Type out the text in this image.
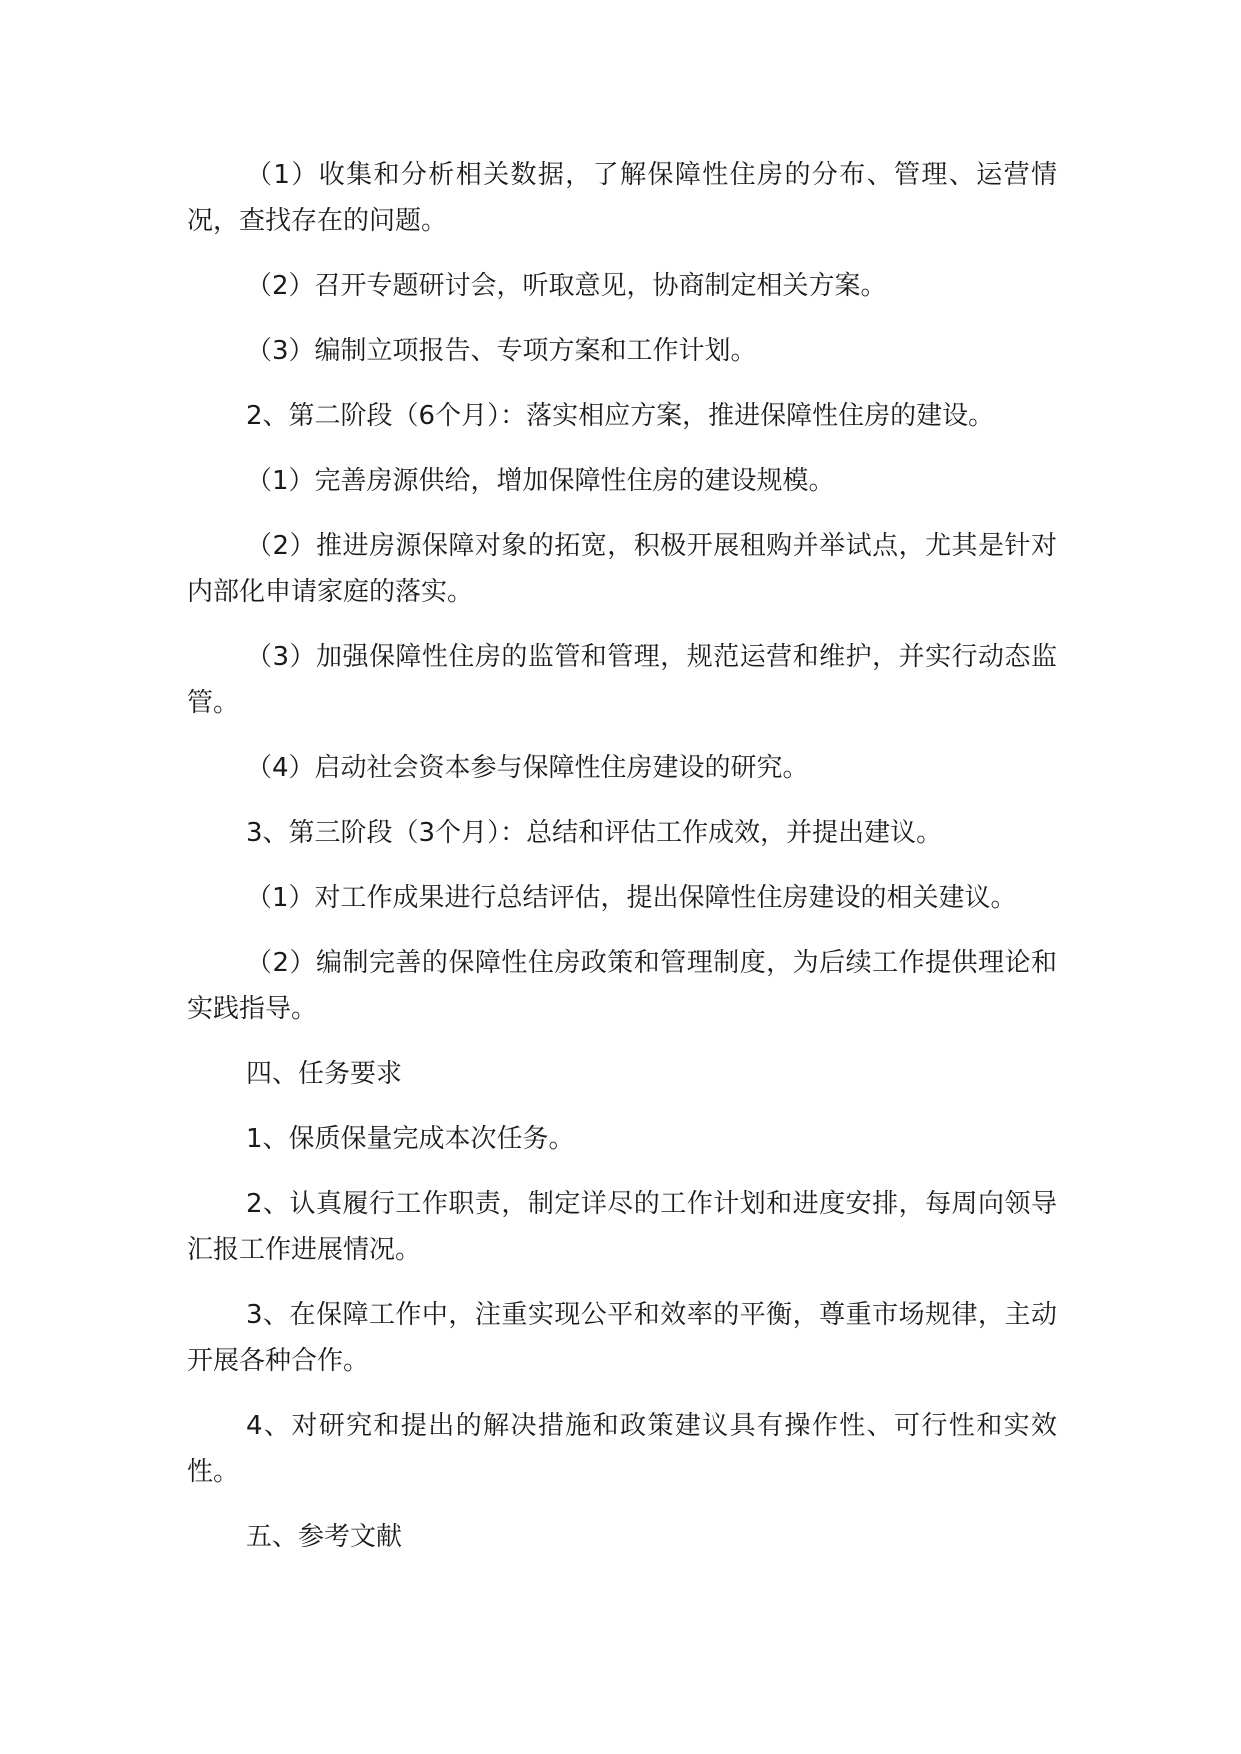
（1）收集和分析相关数据，了解保障性住房的分布、管理、运营情况，查找存在的问题。

（2）召开专题研讨会，听取意见，协商制定相关方案。

（3）编制立项报告、专项方案和工作计划。

2、第二阶段（6个月）：落实相应方案，推进保障性住房的建设。

（1）完善房源供给，增加保障性住房的建设规模。

（2）推进房源保障对象的拓宽，积极开展租购并举试点，尤其是针对内部化申请家庭的落实。

（3）加强保障性住房的监管和管理，规范运营和维护，并实行动态监管。

（4）启动社会资本参与保障性住房建设的研究。

3、第三阶段（3个月）：总结和评估工作成效，并提出建议。

（1）对工作成果进行总结评估，提出保障性住房建设的相关建议。

（2）编制完善的保障性住房政策和管理制度，为后续工作提供理论和实践指导。

四、任务要求

1、保质保量完成本次任务。

2、认真履行工作职责，制定详尽的工作计划和进度安排，每周向领导汇报工作进展情况。

3、在保障工作中，注重实现公平和效率的平衡，尊重市场规律，主动开展各种合作。

4、对研究和提出的解决措施和政策建议具有操作性、可行性和实效性。

五、参考文献
